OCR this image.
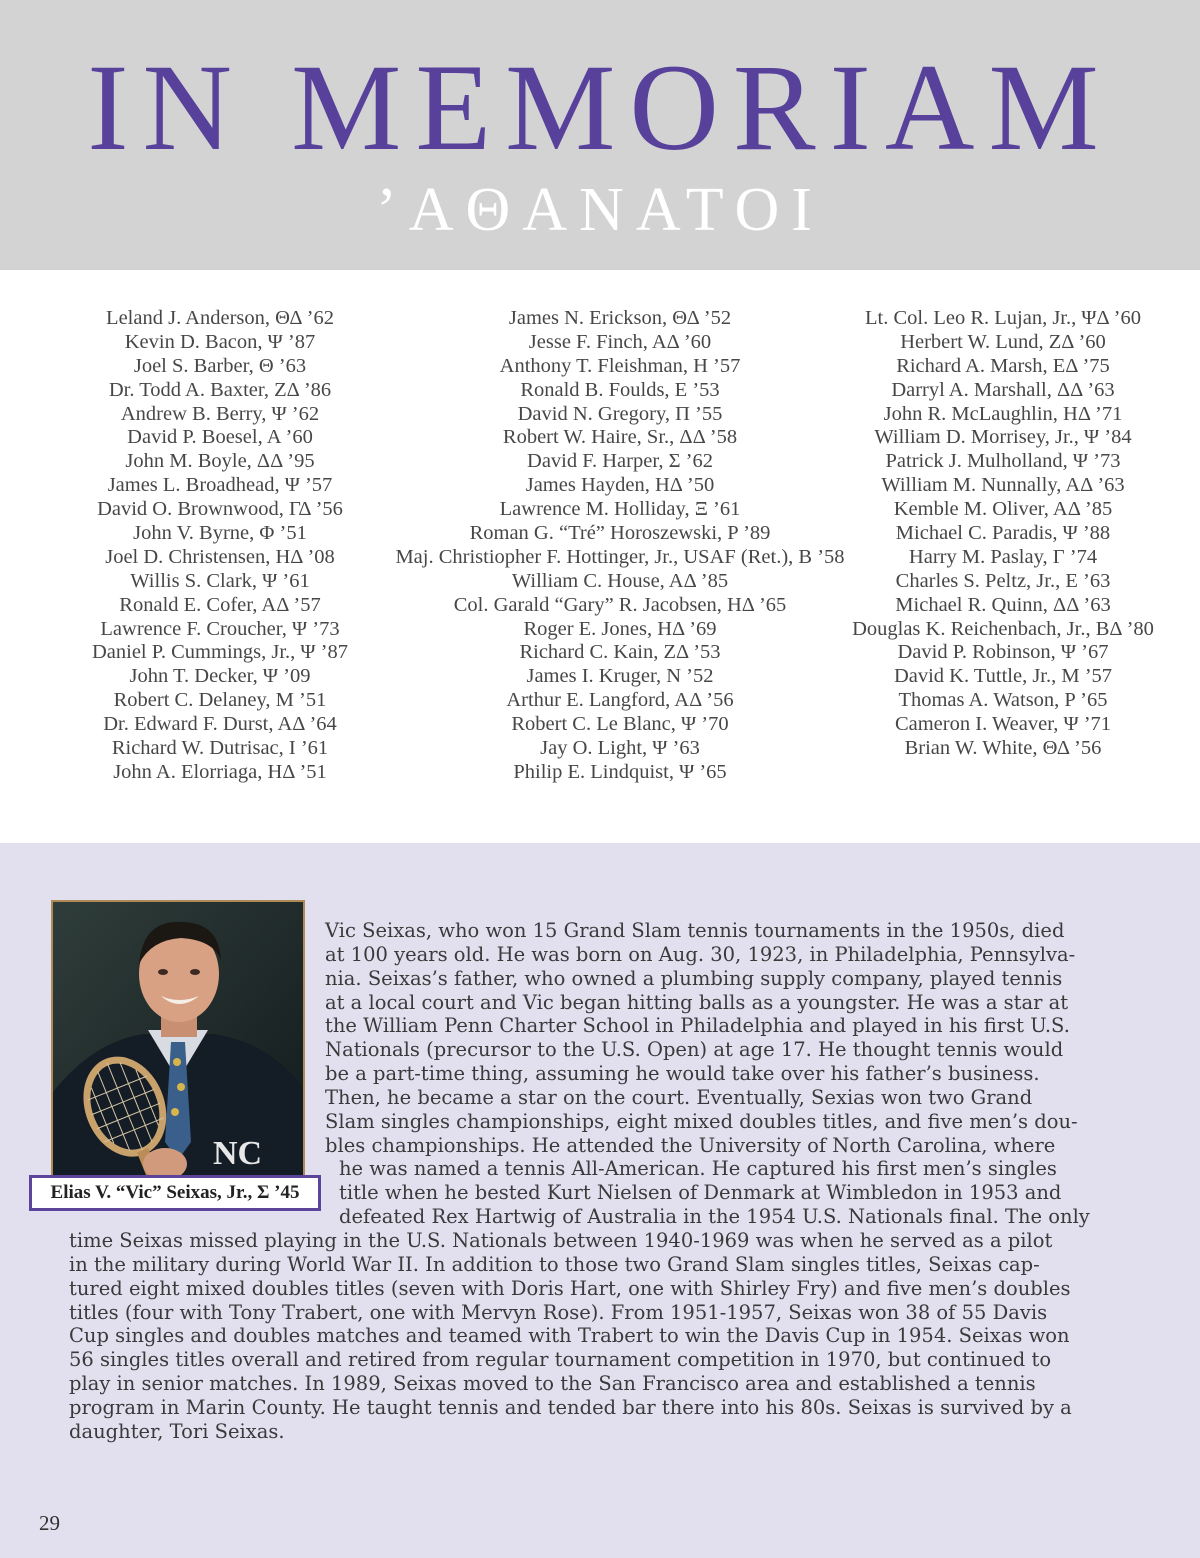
IN MEMORIAM
’AΘANATOI
Leland J. Anderson, ΘΔ ’62
Kevin D. Bacon, Ψ ’87
Joel S. Barber, Θ ’63
Dr. Todd A. Baxter, ZΔ ’86
Andrew B. Berry, Ψ ’62
David P. Boesel, A ’60
John M. Boyle, ΔΔ ’95
James L. Broadhead, Ψ ’57
David O. Brownwood, ΓΔ ’56
John V. Byrne, Φ ’51
Joel D. Christensen, HΔ ’08
Willis S. Clark, Ψ ’61
Ronald E. Cofer, AΔ ’57
Lawrence F. Croucher, Ψ ’73
Daniel P. Cummings, Jr., Ψ ’87
John T. Decker, Ψ ’09
Robert C. Delaney, M ’51
Dr. Edward F. Durst, AΔ ’64
Richard W. Dutrisac, I ’61
John A. Elorriaga, HΔ ’51
James N. Erickson, ΘΔ ’52
Jesse F. Finch, AΔ ’60
Anthony T. Fleishman, H ’57
Ronald B. Foulds, E ’53
David N. Gregory, Π ’55
Robert W. Haire, Sr., ΔΔ ’58
David F. Harper, Σ ’62
James Hayden, HΔ ’50
Lawrence M. Holliday, Ξ ’61
Roman G. “Tré” Horoszewski, P ’89
Maj. Christiopher F. Hottinger, Jr., USAF (Ret.), B ’58
William C. House, AΔ ’85
Col. Garald “Gary” R. Jacobsen, HΔ ’65
Roger E. Jones, HΔ ’69
Richard C. Kain, ZΔ ’53
James I. Kruger, N ’52
Arthur E. Langford, AΔ ’56
Robert C. Le Blanc, Ψ ’70
Jay O. Light, Ψ ’63
Philip E. Lindquist, Ψ ’65
Lt. Col. Leo R. Lujan, Jr., ΨΔ ’60
Herbert W. Lund, ZΔ ’60
Richard A. Marsh, EΔ ’75
Darryl A. Marshall, ΔΔ ’63
John R. McLaughlin, HΔ ’71
William D. Morrisey, Jr., Ψ ’84
Patrick J. Mulholland, Ψ ’73
William M. Nunnally, AΔ ’63
Kemble M. Oliver, AΔ ’85
Michael C. Paradis, Ψ ’88
Harry M. Paslay, Γ ’74
Charles S. Peltz, Jr., E ’63
Michael R. Quinn, ΔΔ ’63
Douglas K. Reichenbach, Jr., BΔ ’80
David P. Robinson, Ψ ’67
David K. Tuttle, Jr., M ’57
Thomas A. Watson, P ’65
Cameron I. Weaver, Ψ ’71
Brian W. White, ΘΔ ’56
NC
Elias V. “Vic” Seixas, Jr., Σ ’45
Vic Seixas, who won 15 Grand Slam tennis tournaments in the 1950s, died
at 100 years old. He was born on Aug. 30, 1923, in Philadelphia, Pennsylva-
nia. Seixas’s father, who owned a plumbing supply company, played tennis
at a local court and Vic began hitting balls as a youngster. He was a star at
the William Penn Charter School in Philadelphia and played in his first U.S.
Nationals (precursor to the U.S. Open) at age 17. He thought tennis would
be a part-time thing, assuming he would take over his father’s business.
Then, he became a star on the court. Eventually, Sexias won two Grand
Slam singles championships, eight mixed doubles titles, and five men’s dou-
bles championships. He attended the University of North Carolina, where
he was named a tennis All-American. He captured his first men’s singles
title when he bested Kurt Nielsen of Denmark at Wimbledon in 1953 and
defeated Rex Hartwig of Australia in the 1954 U.S. Nationals final. The only
time Seixas missed playing in the U.S. Nationals between 1940-1969 was when he served as a pilot
in the military during World War II. In addition to those two Grand Slam singles titles, Seixas cap-
tured eight mixed doubles titles (seven with Doris Hart, one with Shirley Fry) and five men’s doubles
titles (four with Tony Trabert, one with Mervyn Rose). From 1951-1957, Seixas won 38 of 55 Davis
Cup singles and doubles matches and teamed with Trabert to win the Davis Cup in 1954. Seixas won
56 singles titles overall and retired from regular tournament competition in 1970, but continued to
play in senior matches. In 1989, Seixas moved to the San Francisco area and established a tennis
program in Marin County. He taught tennis and tended bar there into his 80s. Seixas is survived by a
daughter, Tori Seixas.
29
